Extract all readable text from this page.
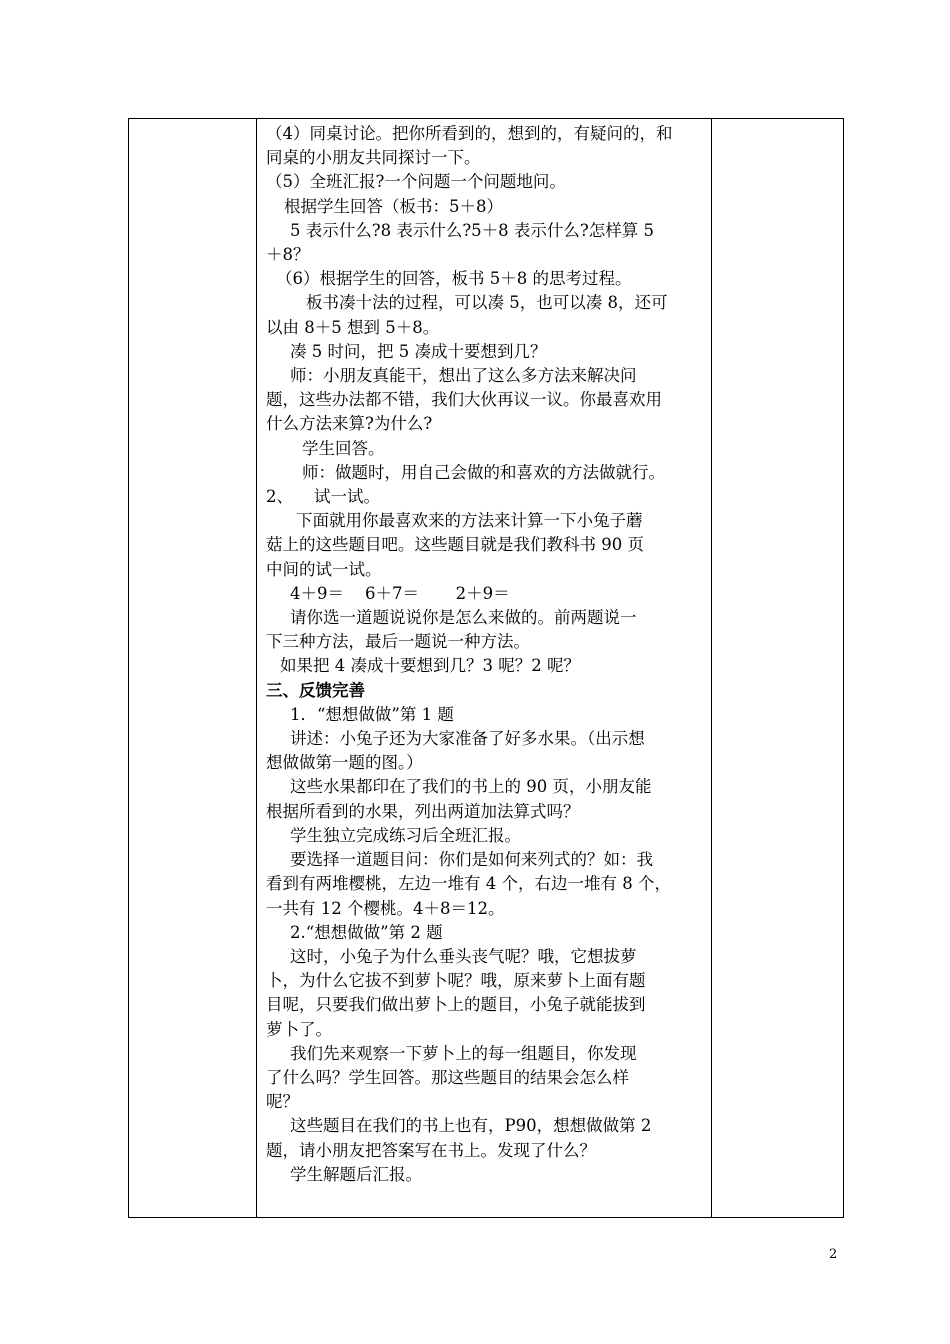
（4）同桌讨论。把你所看到的，想到的，有疑问的，和

同桌的小朋友共同探讨一下。

（5）全班汇报?一个问题一个问题地问。

根据学生回答（板书：5＋8）

5 表示什么?8 表示什么?5＋8 表示什么?怎样算 5

＋8？

（6）根据学生的回答，板书 5＋8 的思考过程。

板书凑十法的过程，可以凑 5，也可以凑 8，还可

以由 8＋5 想到 5＋8。

凑 5 时问，把 5 凑成十要想到几？

师：小朋友真能干，想出了这么多方法来解决问

题，这些办法都不错，我们大伙再议一议。你最喜欢用

什么方法来算?为什么?

学生回答。

师：做题时，用自己会做的和喜欢的方法做就行。

2、    试一试。

下面就用你最喜欢来的方法来计算一下小兔子蘑

菇上的这些题目吧。这些题目就是我们教科书 90 页

中间的试一试。

4＋9＝    6＋7＝       2＋9＝

请你选一道题说说你是怎么来做的。前两题说一

下三种方法，最后一题说一种方法。

如果把 4 凑成十要想到几？3 呢？2 呢？

三、反馈完善

1．“想想做做”第 1 题

讲述：小兔子还为大家准备了好多水果。（出示想

想做做第一题的图。）

这些水果都印在了我们的书上的 90 页，小朋友能

根据所看到的水果，列出两道加法算式吗？

学生独立完成练习后全班汇报。

要选择一道题目问：你们是如何来列式的？如：我

看到有两堆樱桃，左边一堆有 4 个，右边一堆有 8 个，

一共有 12 个樱桃。4＋8＝12。

2.“想想做做”第 2 题

这时，小兔子为什么垂头丧气呢？哦，它想拔萝

卜，为什么它拔不到萝卜呢？哦，原来萝卜上面有题

目呢，只要我们做出萝卜上的题目，小兔子就能拔到

萝卜了。

我们先来观察一下萝卜上的每一组题目，你发现

了什么吗？学生回答。那这些题目的结果会怎么样

呢？

这些题目在我们的书上也有，P90，想想做做第 2

题，请小朋友把答案写在书上。发现了什么？

学生解题后汇报。

2
